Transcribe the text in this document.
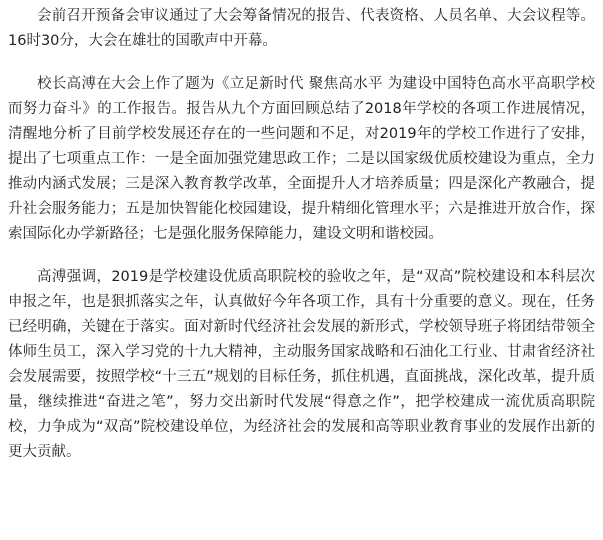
会前召开预备会审议通过了大会筹备情况的报告、代表资格、人员名单、大会议程等。16时30分，大会在雄壮的国歌声中开幕。

校长高溥在大会上作了题为《立足新时代 聚焦高水平 为建设中国特色高水平高职学校而努力奋斗》的工作报告。报告从九个方面回顾总结了2018年学校的各项工作进展情况，清醒地分析了目前学校发展还存在的一些问题和不足，对2019年的学校工作进行了安排，提出了七项重点工作：一是全面加强党建思政工作；二是以国家级优质校建设为重点，全力推动内涵式发展；三是深入教育教学改革，全面提升人才培养质量；四是深化产教融合，提升社会服务能力；五是加快智能化校园建设，提升精细化管理水平；六是推进开放合作，探索国际化办学新路径；七是强化服务保障能力，建设文明和谐校园。

高溥强调，2019是学校建设优质高职院校的验收之年，是“双高”院校建设和本科层次申报之年，也是狠抓落实之年，认真做好今年各项工作，具有十分重要的意义。现在，任务已经明确，关键在于落实。面对新时代经济社会发展的新形式，学校领导班子将团结带领全体师生员工，深入学习党的十九大精神，主动服务国家战略和石油化工行业、甘肃省经济社会发展需要，按照学校“十三五”规划的目标任务，抓住机遇，直面挑战，深化改革，提升质量，继续推进“奋进之笔”，努力交出新时代发展“得意之作”，把学校建成一流优质高职院校，力争成为“双高”院校建设单位，为经济社会的发展和高等职业教育事业的发展作出新的更大贡献。
